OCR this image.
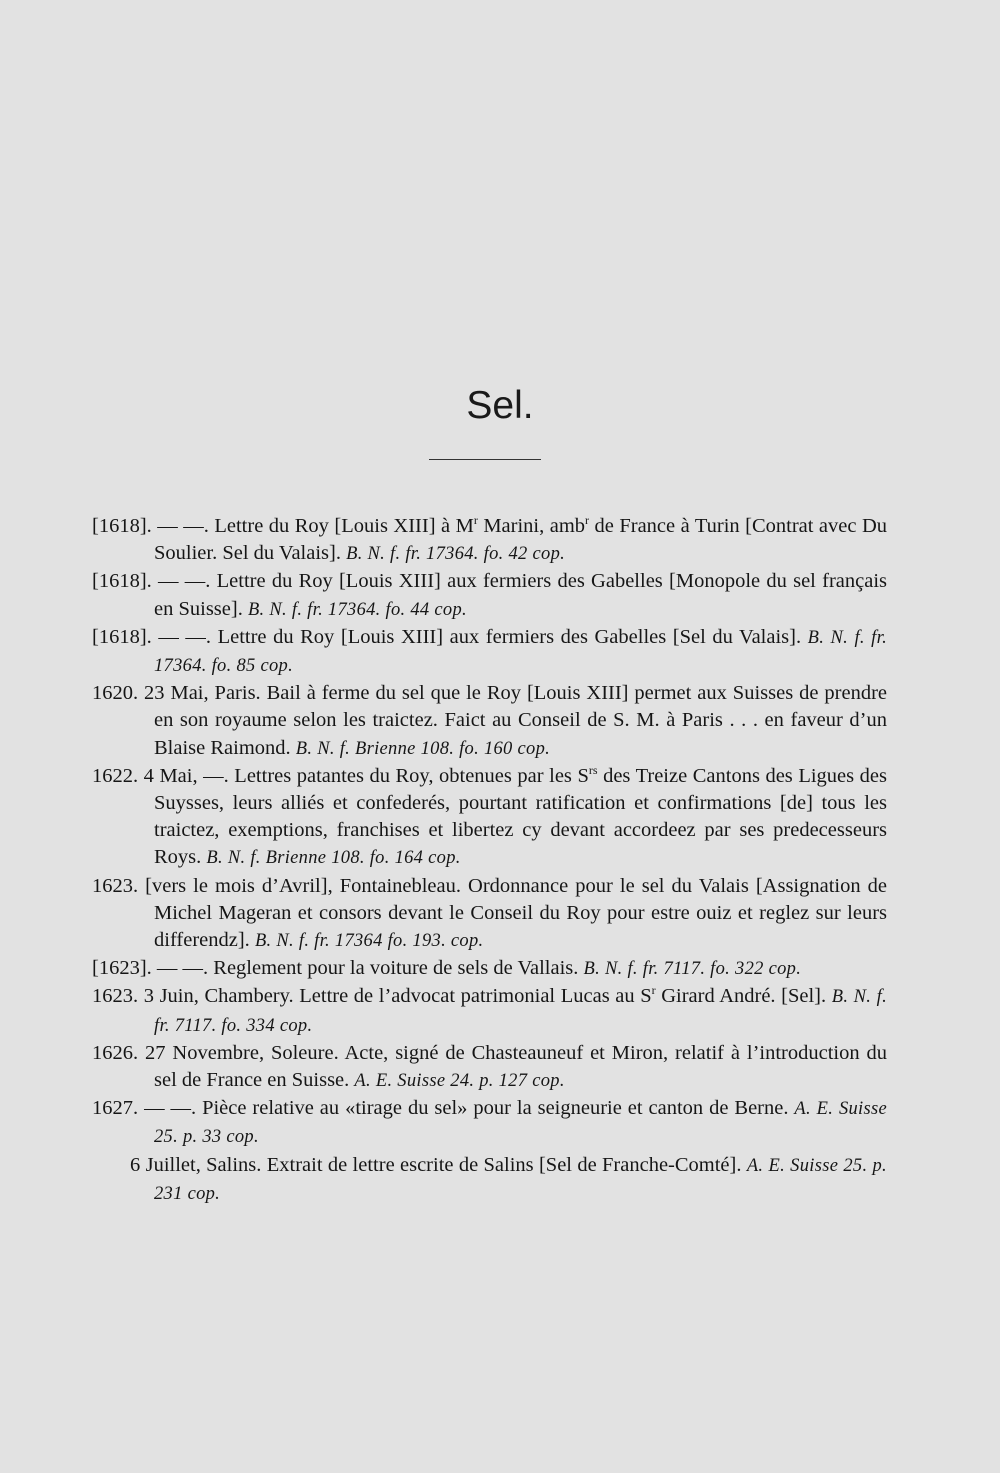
Sel.

[1618]. — —. Lettre du Roy [Louis XIII] à $M^r$ Marini, amb$^r$ de France à Turin [Contrat avec Du Soulier. Sel du Valais]. B. N. f. fr. 17364. fo. 42 cop.

[1618]. — —. Lettre du Roy [Louis XIII] aux fermiers des Gabelles [Monopole du sel français en Suisse]. B. N. f. fr. 17364. fo. 44 cop.

[1618]. — —. Lettre du Roy [Louis XIII] aux fermiers des Gabelles [Sel du Valais]. B. N. f. fr. 17364. fo. 85 cop.

1620. 23 Mai, Paris. Bail à ferme du sel que le Roy [Louis XIII] permet aux Suisses de prendre en son royaume selon les traictez. Faict au Conseil de S. M. à Paris . . . en faveur d’un Blaise Raimond. B. N. f. Brienne 108. fo. 160 cop.

1622. 4 Mai, —. Lettres patantes du Roy, obtenues par les $S^{rs}$ des Treize Cantons des Ligues des Suysses, leurs alliés et confederés, pourtant ratification et confirmations [de] tous les traictez, exemptions, franchises et libertez cy devant accordeez par ses predecesseurs Roys. B. N. f. Brienne 108. fo. 164 cop.

1623. [vers le mois d’Avril], Fontainebleau. Ordonnance pour le sel du Valais [Assignation de Michel Mageran et consors devant le Conseil du Roy pour estre ouiz et reglez sur leurs differendz]. B. N. f. fr. 17364 fo. 193. cop.

[1623]. — —. Reglement pour la voiture de sels de Vallais. B. N. f. fr. 7117. fo. 322 cop.

1623. 3 Juin, Chambery. Lettre de l’advocat patrimonial Lucas au $S^r$ Girard André. [Sel]. B. N. f. fr. 7117. fo. 334 cop.

1626. 27 Novembre, Soleure. Acte, signé de Chasteauneuf et Miron, relatif à l’introduction du sel de France en Suisse. A. E. Suisse 24. p. 127 cop.

1627. — —. Pièce relative au «tirage du sel» pour la seigneurie et canton de Berne. A. E. Suisse 25. p. 33 cop.

6 Juillet, Salins. Extrait de lettre escrite de Salins [Sel de Franche-Comté]. A. E. Suisse 25. p. 231 cop.
